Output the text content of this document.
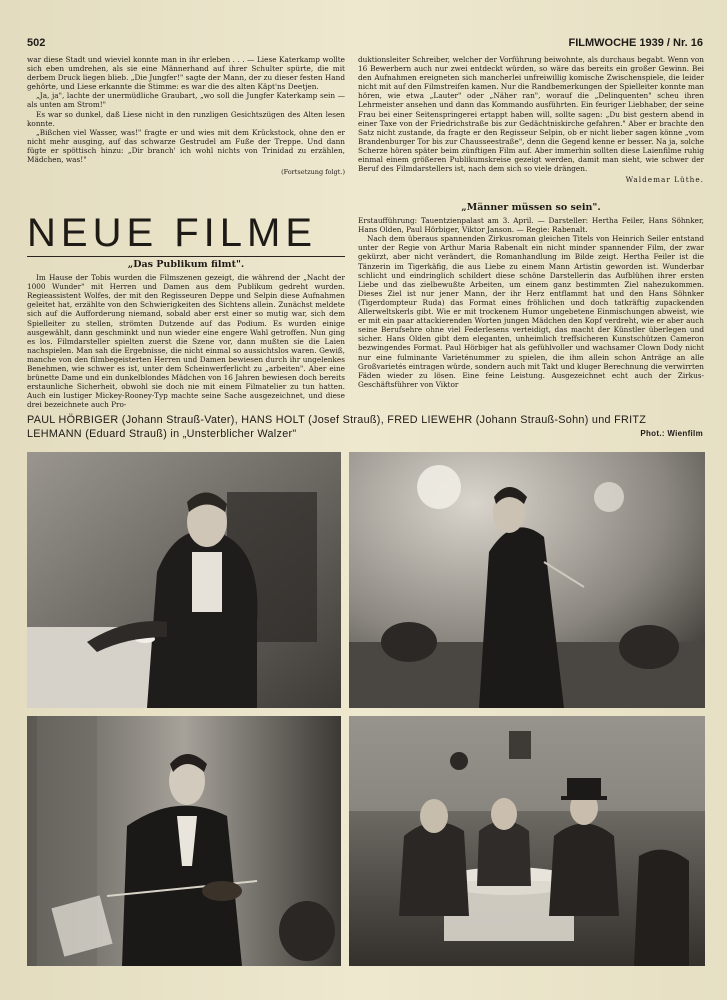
502	FILMWOCHE 1939 / Nr. 16

war diese Stadt und wieviel konnte man in ihr erleben . . . — Liese Katerkamp wollte sich eben umdrehen, als sie eine Männerhand auf ihrer Schulter spürte, die mit derbem Druck liegen blieb. „Die Jungfer!" sagte der Mann, der zu dieser festen Hand gehörte, und Liese erkannte die Stimme: es war die des alten Käpt'ns Deetjen.

„Ja, ja", lachte der unermüdliche Graubart, „wo soll die Jungfer Katerkamp sein — als unten am Strom!"

Es war so dunkel, daß Liese nicht in den runzligen Gesichtszügen des Alten lesen konnte.

„Bißchen viel Wasser, was!" fragte er und wies mit dem Krückstock, ohne den er nicht mehr ausging, auf das schwarze Gestrudel am Fuße der Treppe. Und dann fügte er spöttisch hinzu: „Dir branch' ich wohl nichts von Trinidad zu erzählen, Mädchen, was!"

(Fortsetzung folgt.)

duktionsleiter Schreiber, welcher der Vorführung beiwohnte, als durchaus begabt. Wenn von 16 Bewerbern auch nur zwei entdeckt würden, so wäre das bereits ein großer Gewinn. Bei den Aufnahmen ereigneten sich mancherlei unfreiwillig komische Zwischenspiele, die leider nicht mit auf den Filmstreifen kamen. Nur die Randbemerkungen der Spielleiter konnte man hören, wie etwa „Lauter" oder „Näher ran", worauf die „Delinquenten" scheu ihren Lehrmeister ansehen und dann das Kommando ausführten. Ein feuriger Liebhaber, der seine Frau bei einer Seitenspringerei ertappt haben will, sollte sagen: „Du bist gestern abend in einer Taxe von der Friedrichstraße bis zur Gedächtniskirche gefahren." Aber er brachte den Satz nicht zustande, da fragte er den Regisseur Selpin, ob er nicht lieber sagen könne „vom Brandenburger Tor bis zur Chausseestraße", denn die Gegend kenne er besser. Na ja, solche Scherze hören später beim zünftigen Film auf. Aber immerhin sollten diese Laienfilme ruhig einmal einem größeren Publikumskreise gezeigt werden, damit man sieht, wie schwer der Beruf des Filmdarstellers ist, nach dem sich so viele drängen.

Waldemar Lüthe.
NEUE FILME
„Das Publikum filmt".

Im Hause der Tobis wurden die Filmszenen gezeigt, die während der „Nacht der 1000 Wunder" mit Herren und Damen aus dem Publikum gedreht wurden. Regieassistent Wolfes, der mit den Regisseuren Deppe und Selpin diese Aufnahmen geleitet hat, erzählte von den Schwierigkeiten des Sichtens allein. Zunächst meldete sich auf die Aufforderung niemand, sobald aber erst einer so mutig war, sich dem Spielleiter zu stellen, strömten Dutzende auf das Podium. Es wurden einige ausgewählt, dann geschminkt und nun wieder eine engere Wahl getroffen. Nun ging es los. Filmdarsteller spielten zuerst die Szene vor, dann mußten sie die Laien nachspielen. Man sah die Ergebnisse, die nicht einmal so aussichtslos waren. Gewiß, manche von den filmbegeisterten Herren und Damen bewiesen durch ihr ungelenkes Benehmen, wie schwer es ist, unter dem Scheinwerferlicht zu „arbeiten". Aber eine brünette Dame und ein dunkelblondes Mädchen von 16 Jahren bewiesen doch bereits erstaunliche Sicherheit, obwohl sie doch nie mit einem Filmatelier zu tun hatten. Auch ein lustiger Mickey-Rooney-Typ machte seine Sache ausgezeichnet, und diese drei bezeichnete auch Pro-

„Männer müssen so sein".

Erstaufführung: Tauentzienpalast am 3. April. — Darsteller: Hertha Feiler, Hans Söhnker, Hans Olden, Paul Hörbiger, Viktor Janson. — Regie: Rabenalt.

Nach dem überaus spannenden Zirkusroman gleichen Titels von Heinrich Seiler entstand unter der Regie von Arthur Maria Rabenalt ein nicht minder spannender Film, der zwar gekürzt, aber nicht verändert, die Romanhandlung im Bilde zeigt. Hertha Feiler ist die Tänzerin im Tigerkäfig, die aus Liebe zu einem Mann Artistin geworden ist. Wunderbar schlicht und eindringlich schildert diese schöne Darstellerin das Aufblühen ihrer ersten Liebe und das zielbewußte Arbeiten, um einem ganz bestimmten Ziel nahezukommen. Dieses Ziel ist nur jener Mann, der ihr Herz entflammt hat und den Hans Söhnker (Tigerdompteur Ruda) das Format eines fröhlichen und doch tatkräftig zupackenden Allerweltskerls gibt. Wie er mit trockenem Humor ungebetene Einmischungen abweist, wie er mit ein paar attackierenden Worten jungen Mädchen den Kopf verdreht, wie er aber auch seine Berufsehre ohne viel Federlesens verteidigt, das macht der Künstler überlegen und sicher. Hans Olden gibt dem eleganten, unheimlich treffsicheren Kunstschützen Cameron bezwingendes Format. Paul Hörbiger hat als gefühlvoller und wachsamer Clown Dody nicht nur eine fulminante Varieténummer zu spielen, die ihm allein schon Anträge an alle Großvarietés eintragen würde, sondern auch mit Takt und kluger Berechnung die verwirrten Fäden wieder zu lösen. Eine feine Leistung. Ausgezeichnet echt auch der Zirkus-Geschäftsführer von Viktor

PAUL HÖRBIGER (Johann Strauß-Vater), HANS HOLT (Josef Strauß), FRED LIEWEHR (Johann Strauß-Sohn) und FRITZ LEHMANN (Eduard Strauß) in „Unsterblicher Walzer"	Phot.: Wienfilm
